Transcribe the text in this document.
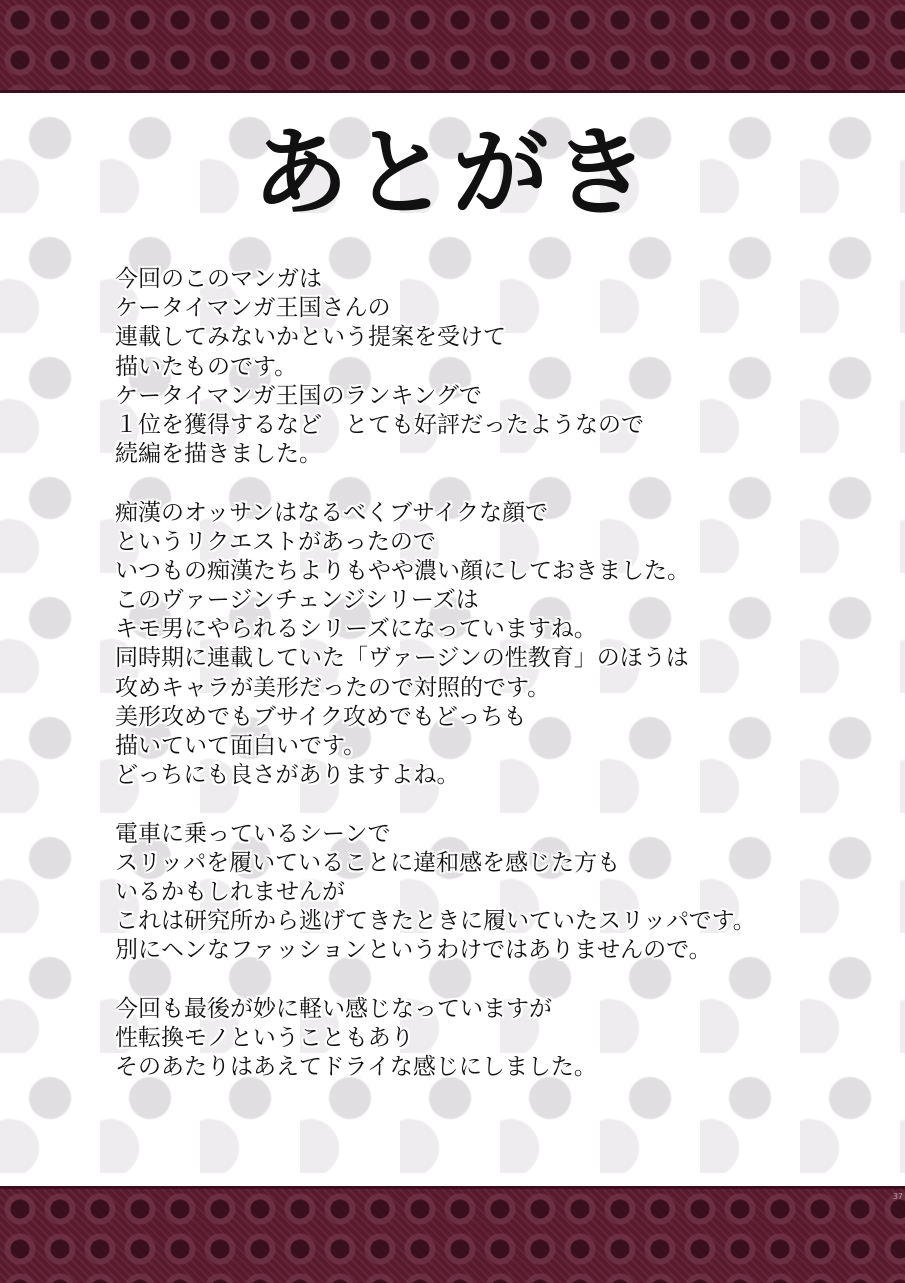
あとがき
今回のこのマンガは
ケータイマンガ王国さんの
連載してみないかという提案を受けて
描いたものです。
ケータイマンガ王国のランキングで
１位を獲得するなど　とても好評だったようなので
続編を描きました。
痴漢のオッサンはなるべくブサイクな顔で
というリクエストがあったので
いつもの痴漢たちよりもやや濃い顔にしておきました。
このヴァージンチェンジシリーズは
キモ男にやられるシリーズになっていますね。
同時期に連載していた「ヴァージンの性教育」のほうは
攻めキャラが美形だったので対照的です。
美形攻めでもブサイク攻めでもどっちも
描いていて面白いです。
どっちにも良さがありますよね。
電車に乗っているシーンで
スリッパを履いていることに違和感を感じた方も
いるかもしれませんが
これは研究所から逃げてきたときに履いていたスリッパです。
別にヘンなファッションというわけではありませんので。
今回も最後が妙に軽い感じなっていますが
性転換モノということもあり
そのあたりはあえてドライな感じにしました。
37
